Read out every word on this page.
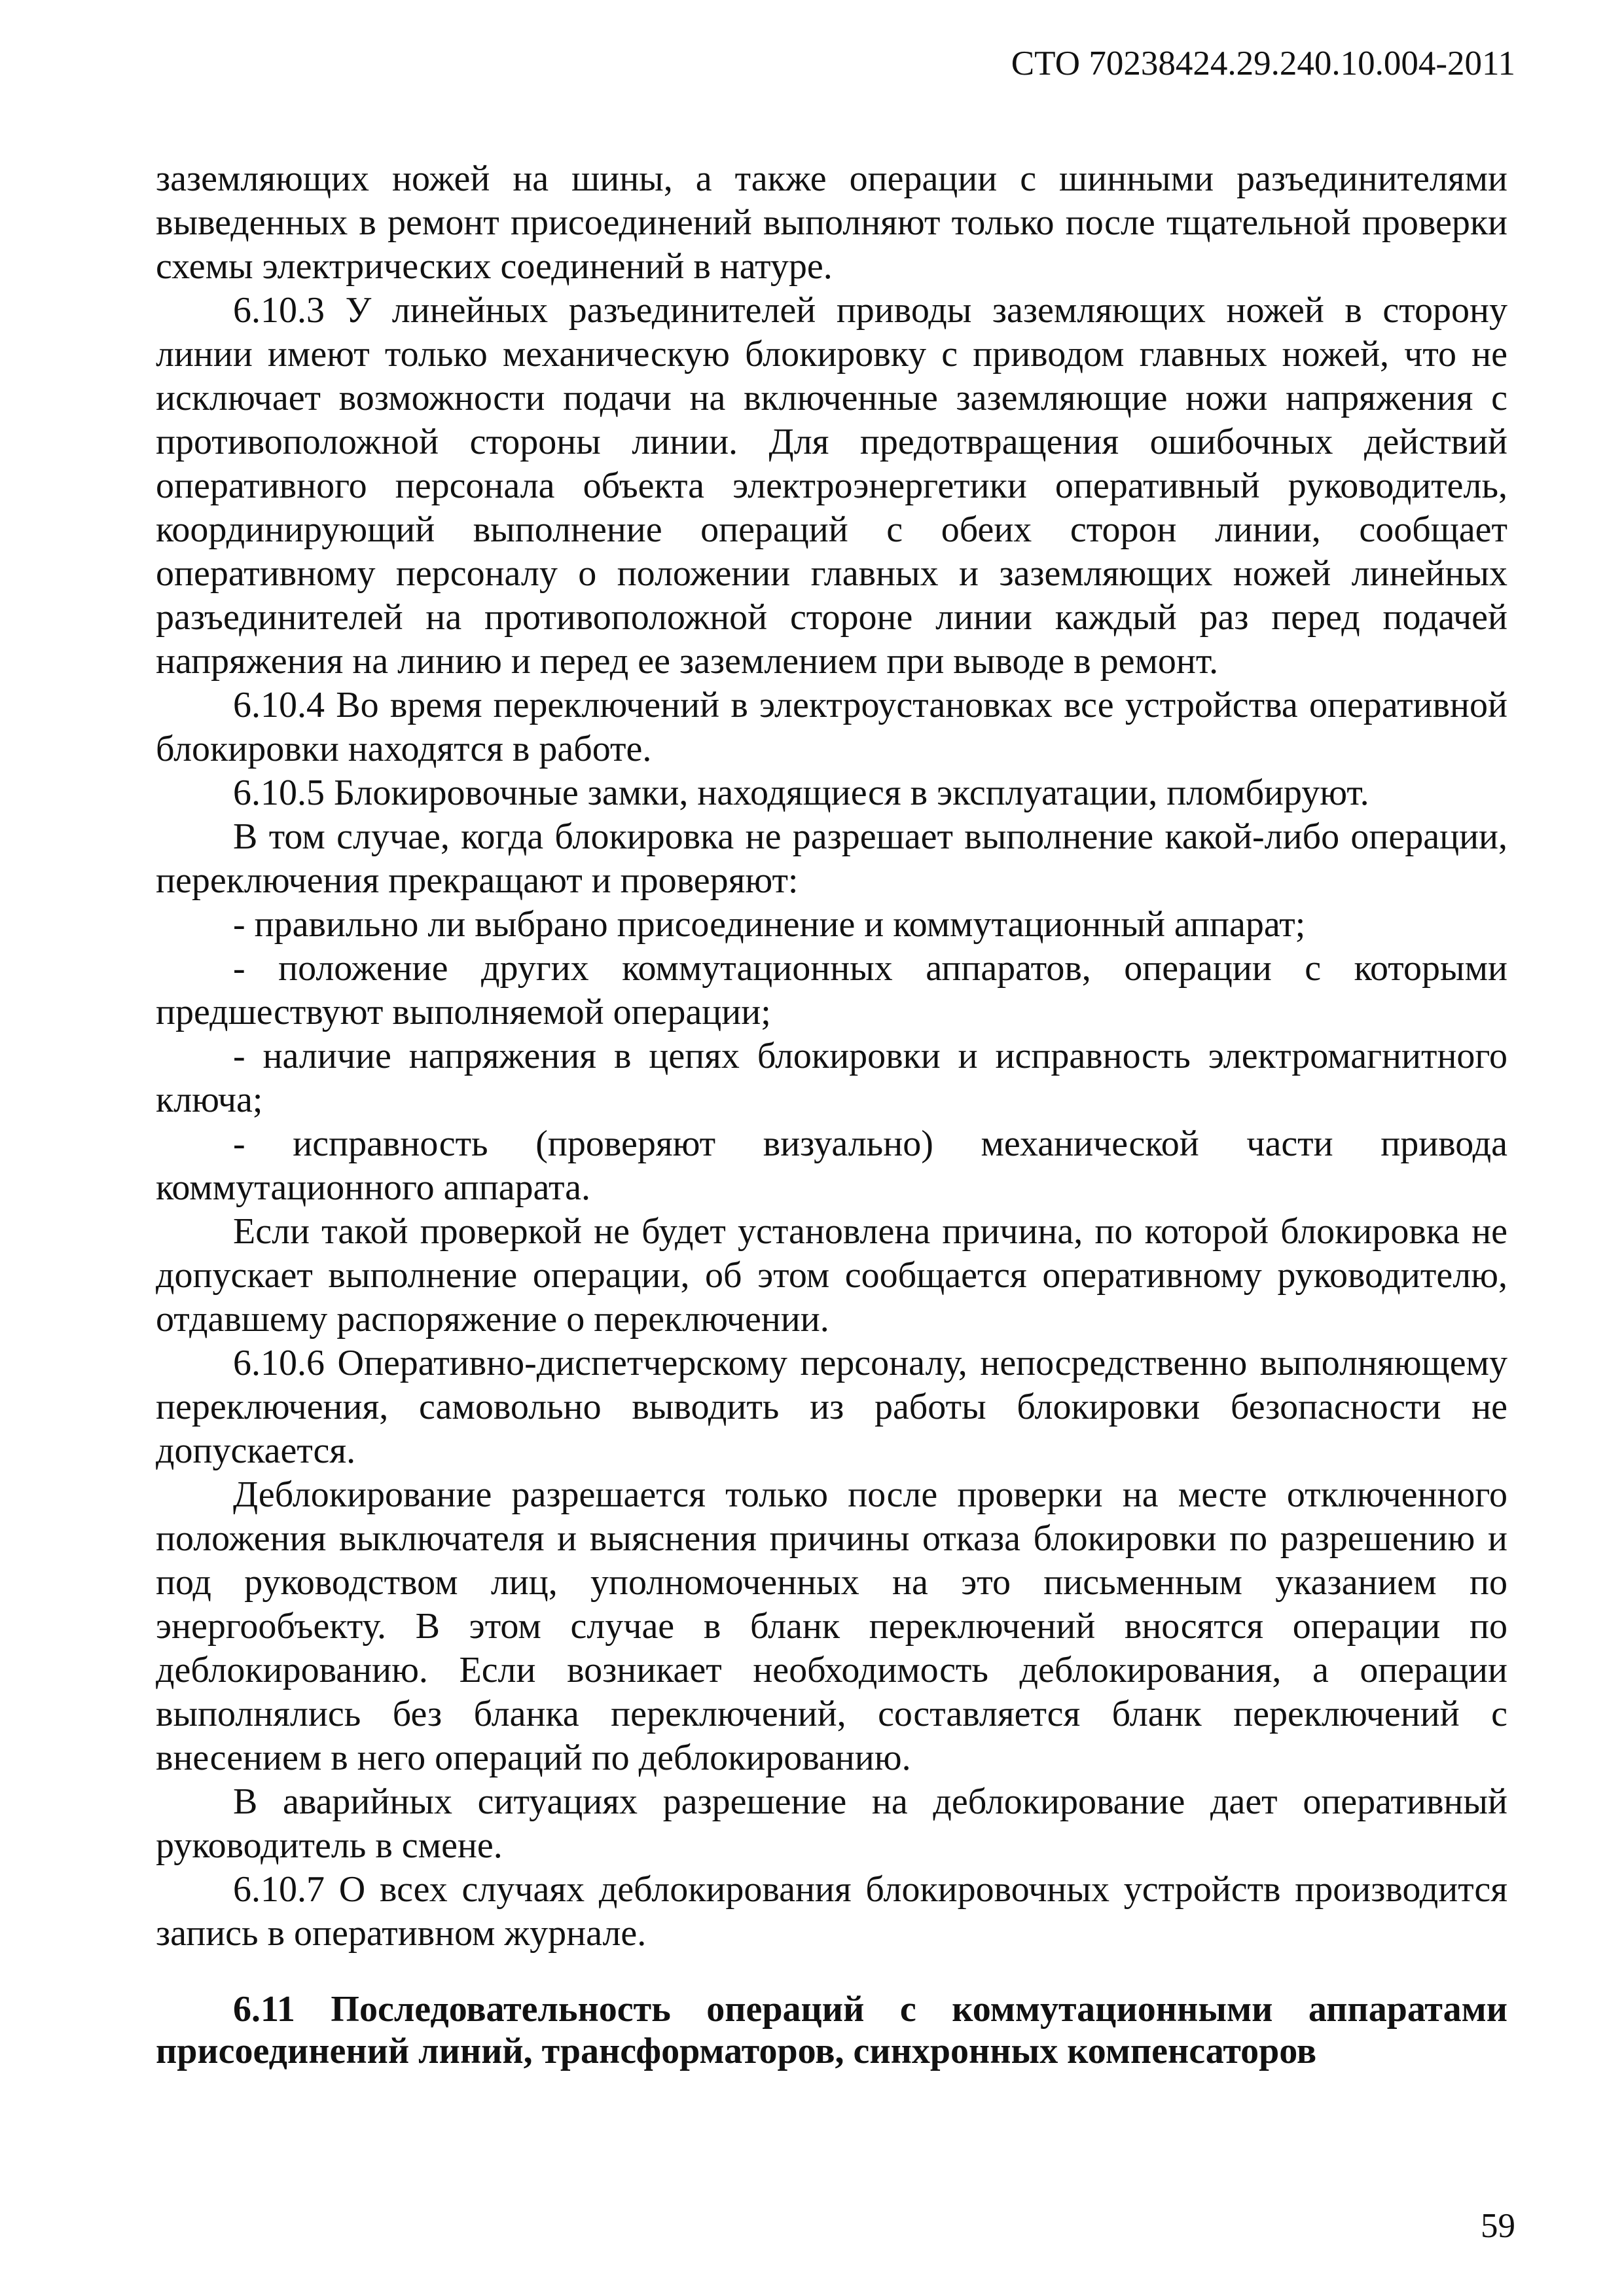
СТО 70238424.29.240.10.004-2011

заземляющих ножей на шины, а также операции с шинными разъединителями выведенных в ремонт присоединений выполняют только после тщательной проверки схемы электрических соединений в натуре.

6.10.3 У линейных разъединителей приводы заземляющих ножей в сторону линии имеют только механическую блокировку с приводом главных ножей, что не исключает возможности подачи на включенные заземляющие ножи напряжения с противоположной стороны линии. Для предотвращения ошибочных действий оперативного персонала объекта электроэнергетики оперативный руководитель, координирующий выполнение операций с обеих сторон линии, сообщает оперативному персоналу о положении главных и заземляющих ножей линейных разъединителей на противоположной стороне линии каждый раз перед подачей напряжения на линию и перед ее заземлением при выводе в ремонт.

6.10.4 Во время переключений в электроустановках все устройства оперативной блокировки находятся в работе.

6.10.5 Блокировочные замки, находящиеся в эксплуатации, пломбируют.

В том случае, когда блокировка не разрешает выполнение какой-либо операции, переключения прекращают и проверяют:

- правильно ли выбрано присоединение и коммутационный аппарат;

- положение других коммутационных аппаратов, операции с которыми предшествуют выполняемой операции;

- наличие напряжения в цепях блокировки и исправность электромагнитного ключа;

- исправность (проверяют визуально) механической части привода коммутационного аппарата.

Если такой проверкой не будет установлена причина, по которой блокировка не допускает выполнение операции, об этом сообщается оперативному руководителю, отдавшему распоряжение о переключении.

6.10.6 Оперативно-диспетчерскому персоналу, непосредственно выполняющему переключения, самовольно выводить из работы блокировки безопасности не допускается.

Деблокирование разрешается только после проверки на месте отключенного положения выключателя и выяснения причины отказа блокировки по разрешению и под руководством лиц, уполномоченных на это письменным указанием по энергообъекту. В этом случае в бланк переключений вносятся операции по деблокированию. Если возникает необходимость деблокирования, а операции выполнялись без бланка переключений, составляется бланк переключений с внесением в него операций по деблокированию.

В аварийных ситуациях разрешение на деблокирование дает оперативный руководитель в смене.

6.10.7 О всех случаях деблокирования блокировочных устройств производится запись в оперативном журнале.

6.11 Последовательность операций с коммутационными аппаратами присоединений линий, трансформаторов, синхронных компенсаторов
59
